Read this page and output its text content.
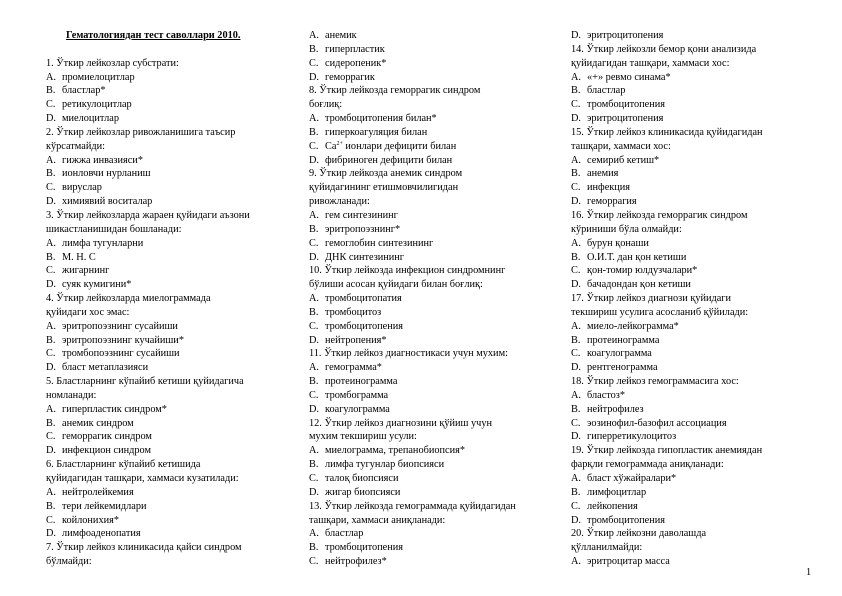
Гематологиядан тест саволлари 2010.
1. Ўткир лейкозлар субстрати:
A. промиелоцитлар
B. бластлар*
C. ретикулоцитлар
D. миелоцитлар
2. Ўткир лейкозлар ривожланишига таъсир
кўрсатмайди:
A. гижжа инвазияси*
B. ионловчи нурланиш
C. вируслар
D. химиявий воситалар
3. Ўткир лейкозларда жараен қуйидаги аъзони
шикастланишидан бошланади:
A. лимфа тугунларни
B. М. Н. С
C. жигарнинг
D. суяк кумигини*
4. Ўткир лейкозларда миелограммада
қуйидаги хос эмас:
A. эритропоэзнинг сусайиши
B. эритропоэзнинг кучайиши*
C. тромбопоэзнинг сусайиши
D. бласт метаплазияси
5. Бластларнинг кўпайиб кетиши қуйидагича
номланади:
A. гиперпластик синдром*
B. анемик синдром
C. геморрагик синдром
D. инфекцион синдром
6. Бластларнинг кўпайиб кетишида
қуйидагидан ташқари, хаммаси кузатилади:
A. нейтролейкемия
B. тери лейкемидлари
C. койлонихия*
D. лимфоаденопатия
7. Ўткир лейкоз клиникасида қайси синдром
бўлмайди:
A. анемик
B. гиперпластик
C. сидеропеник*
D. геморрагик
8. Ўткир лейкозда геморрагик синдром
боғлиқ:
A. тромбоцитопения билан*
B. гиперкоагуляция билан
C. $Ca^{2+}$ ионлари дефицити билан
D. фибриноген дефицити билан
9. Ўткир лейкозда анемик синдром
қуйидагининг етишмовчилигидан
ривожланади:
A. гем синтезининг
B. эритропоэзнинг*
C. гемоглобин синтезининг
D. ДНК синтезининг
10. Ўткир лейкозда инфекцион синдромнинг
бўлиши асосан қуйидаги билан боғлиқ:
A. тромбоцитопатия
B. тромбоцитоз
C. тромбоцитопения
D. нейтропения*
11. Ўткир лейкоз диагностикаси учун мухим:
A. гемограмма*
B. протеинограмма
C. тромбограмма
D. коагулограмма
12. Ўткир лейкоз диагнозини қўйиш учун
мухим текшириш усули:
A. миелограмма, трепанобиопсия*
B. лимфа тугунлар биопсияси
C. талоқ биопсияси
D. жигар биопсияси
13. Ўткир лейкозда гемограммада қуйидагидан
ташқари, хаммаси аниқланади:
A. бластлар
B. тромбоцитопения
C. нейтрофилез*
D. эритроцитопения
14. Ўткир лейкозли бемор қони анализида
қуйидагидан ташқари, хаммаси хос:
A. «+» ревмо синама*
B. бластлар
C. тромбоцитопения
D. эритроцитопения
15. Ўткир лейкоз клиникасида қуйидагидан
ташқари, хаммаси хос:
A. семириб кетиш*
B. анемия
C. инфекция
D. геморрагия
16. Ўткир лейкозда геморрагик синдром
кўриниши бўла олмайди:
A. бурун қонаши
B. О.И.Т. дан қон кетиши
C. қон-томир юлдузчалари*
D. бачадондан қон кетиши
17. Ўткир лейкоз диагнози қуйидаги
текшириш усулига асосланиб қўйилади:
A. миело-лейкограмма*
B. протеинограмма
C. коагулограмма
D. рентгенограмма
18. Ўткир лейкоз гемограммасига хос:
A. бластоз*
B. нейтрофилез
C. эозинофил-базофил ассоциация
D. гиперретикулоцитоз
19. Ўткир лейкозда гипопластик анемиядан
фарқли гемограммада аниқланади:
A. бласт хўжайралари*
B. лимфоцитлар
C. лейкопения
D. тромбоцитопения
20. Ўткир лейкозни даволашда
қўлланилмайди:
A. эритроцитар масса
1
